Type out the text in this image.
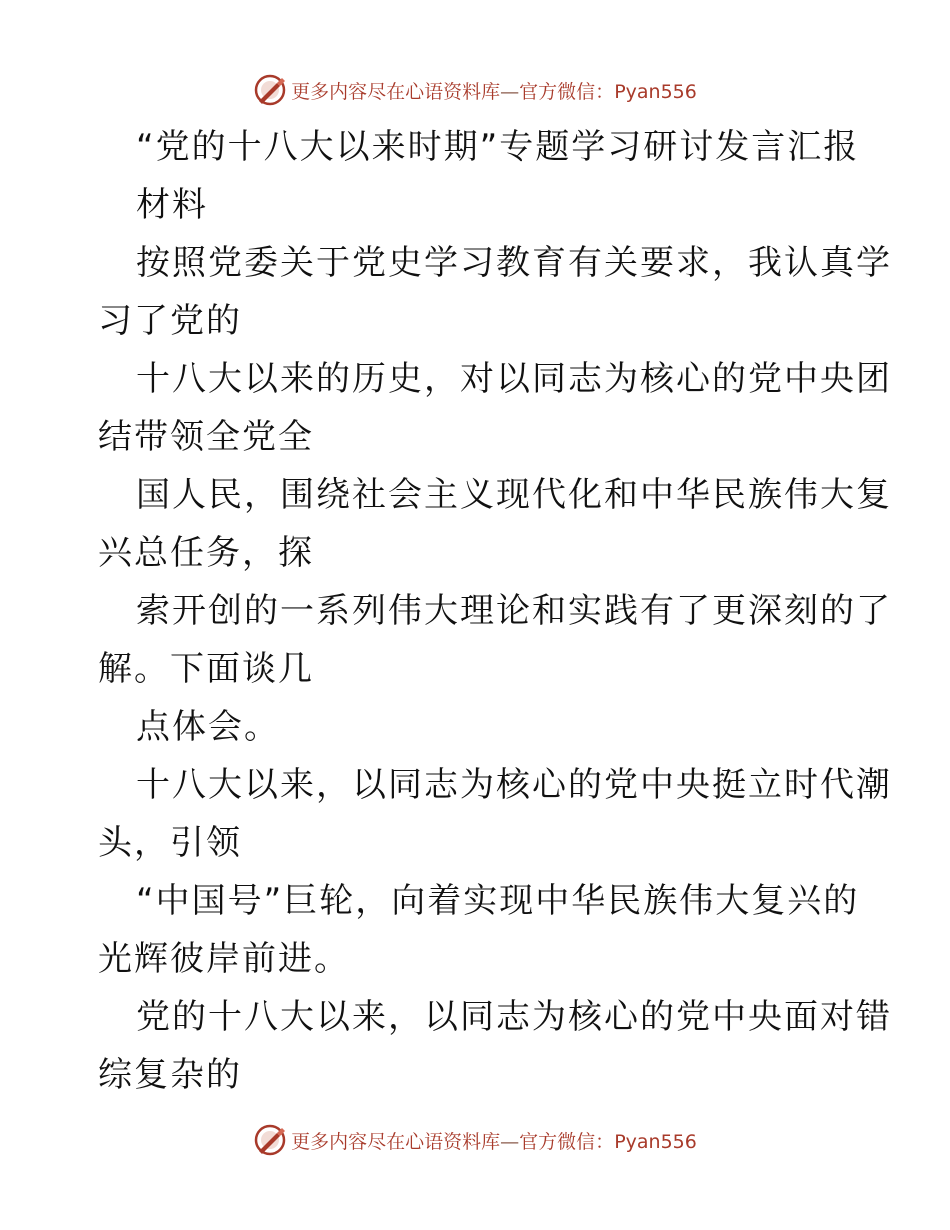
更多内容尽在心语资料库—官方微信：Pyan556
“党的十八大以来时期”专题学习研讨发言汇报
材料
按照党委关于党史学习教育有关要求，我认真学
习了党的
十八大以来的历史，对以同志为核心的党中央团
结带领全党全
国人民，围绕社会主义现代化和中华民族伟大复
兴总任务，探
索开创的一系列伟大理论和实践有了更深刻的了
解。下面谈几
点体会。
十八大以来，以同志为核心的党中央挺立时代潮
头，引领
“中国号”巨轮，向着实现中华民族伟大复兴的
光辉彼岸前进。
党的十八大以来，以同志为核心的党中央面对错
综复杂的
更多内容尽在心语资料库—官方微信：Pyan556
